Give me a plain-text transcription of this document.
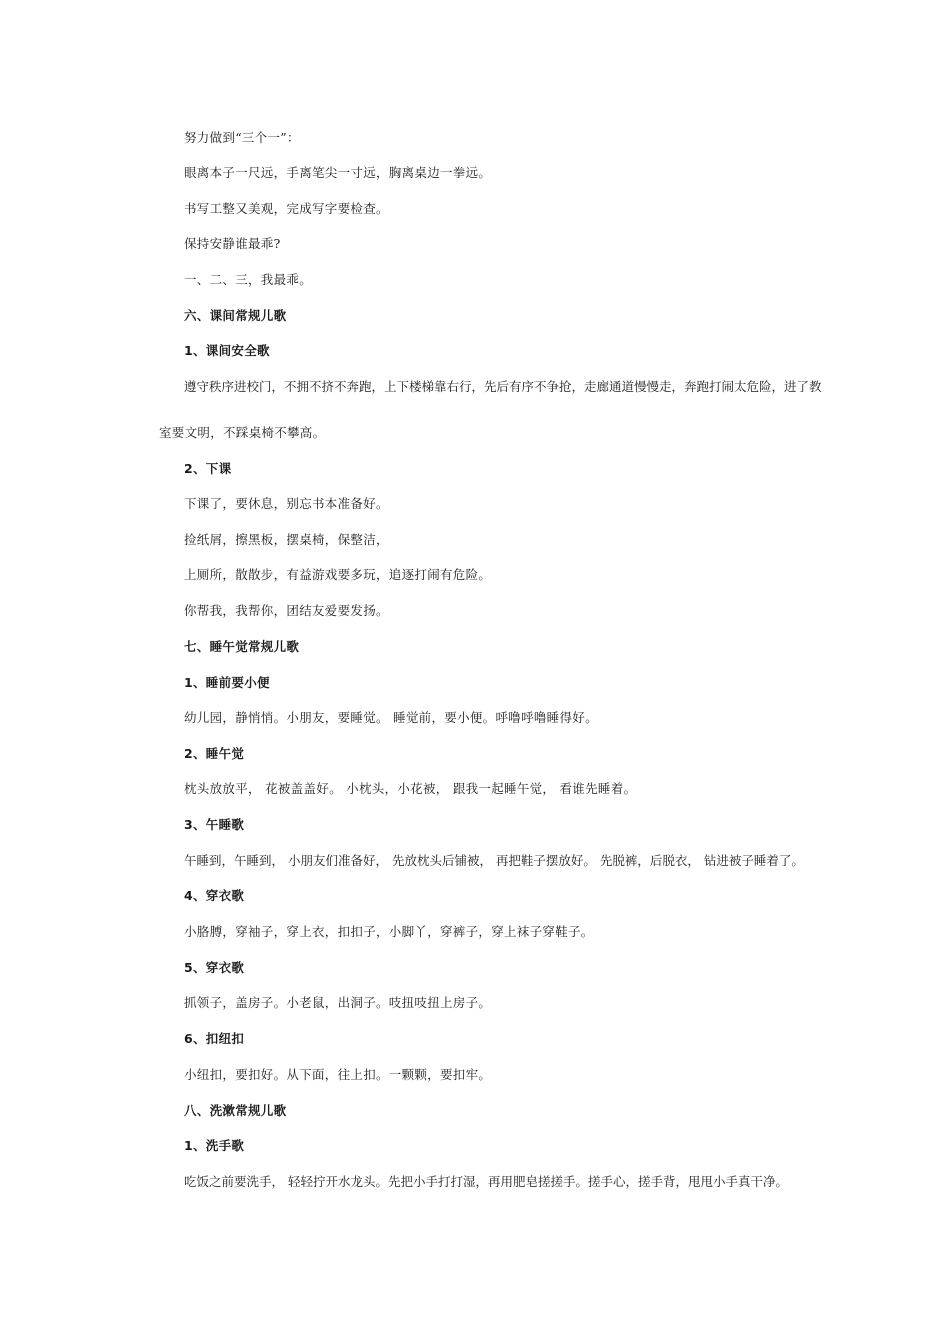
努力做到“三个一”：
眼离本子一尺远，手离笔尖一寸远，胸离桌边一拳远。
书写工整又美观，完成写字要检查。
保持安静谁最乖?
一、二、三，我最乖。
六、课间常规儿歌
1、课间安全歌
遵守秩序进校门，不拥不挤不奔跑，上下楼梯靠右行，先后有序不争抢，走廊通道慢慢走，奔跑打闹太危险，进了教
室要文明，不踩桌椅不攀高。
2、下课
下课了，要休息，别忘书本准备好。
捡纸屑，擦黑板，摆桌椅，保整洁，
上厕所，散散步，有益游戏要多玩，追逐打闹有危险。
你帮我，我帮你，团结友爱要发扬。
七、睡午觉常规儿歌
1、睡前要小便
幼儿园，静悄悄。小朋友，要睡觉。 睡觉前，要小便。呼噜呼噜睡得好。
2、睡午觉
枕头放放平， 花被盖盖好。 小枕头，小花被， 跟我一起睡午觉， 看谁先睡着。
3、午睡歌
午睡到，午睡到， 小朋友们准备好， 先放枕头后铺被， 再把鞋子摆放好。 先脱裤，后脱衣， 钻进被子睡着了。
4、穿衣歌
小胳膊，穿袖子，穿上衣，扣扣子，小脚丫，穿裤子，穿上袜子穿鞋子。
5、穿衣歌
抓领子，盖房子。小老鼠，出洞子。吱扭吱扭上房子。
6、扣纽扣
小纽扣，要扣好。从下面，往上扣。一颗颗，要扣牢。
八、洗漱常规儿歌
1、洗手歌
吃饭之前要洗手， 轻轻拧开水龙头。先把小手打打湿，再用肥皂搓搓手。搓手心，搓手背，甩甩小手真干净。
